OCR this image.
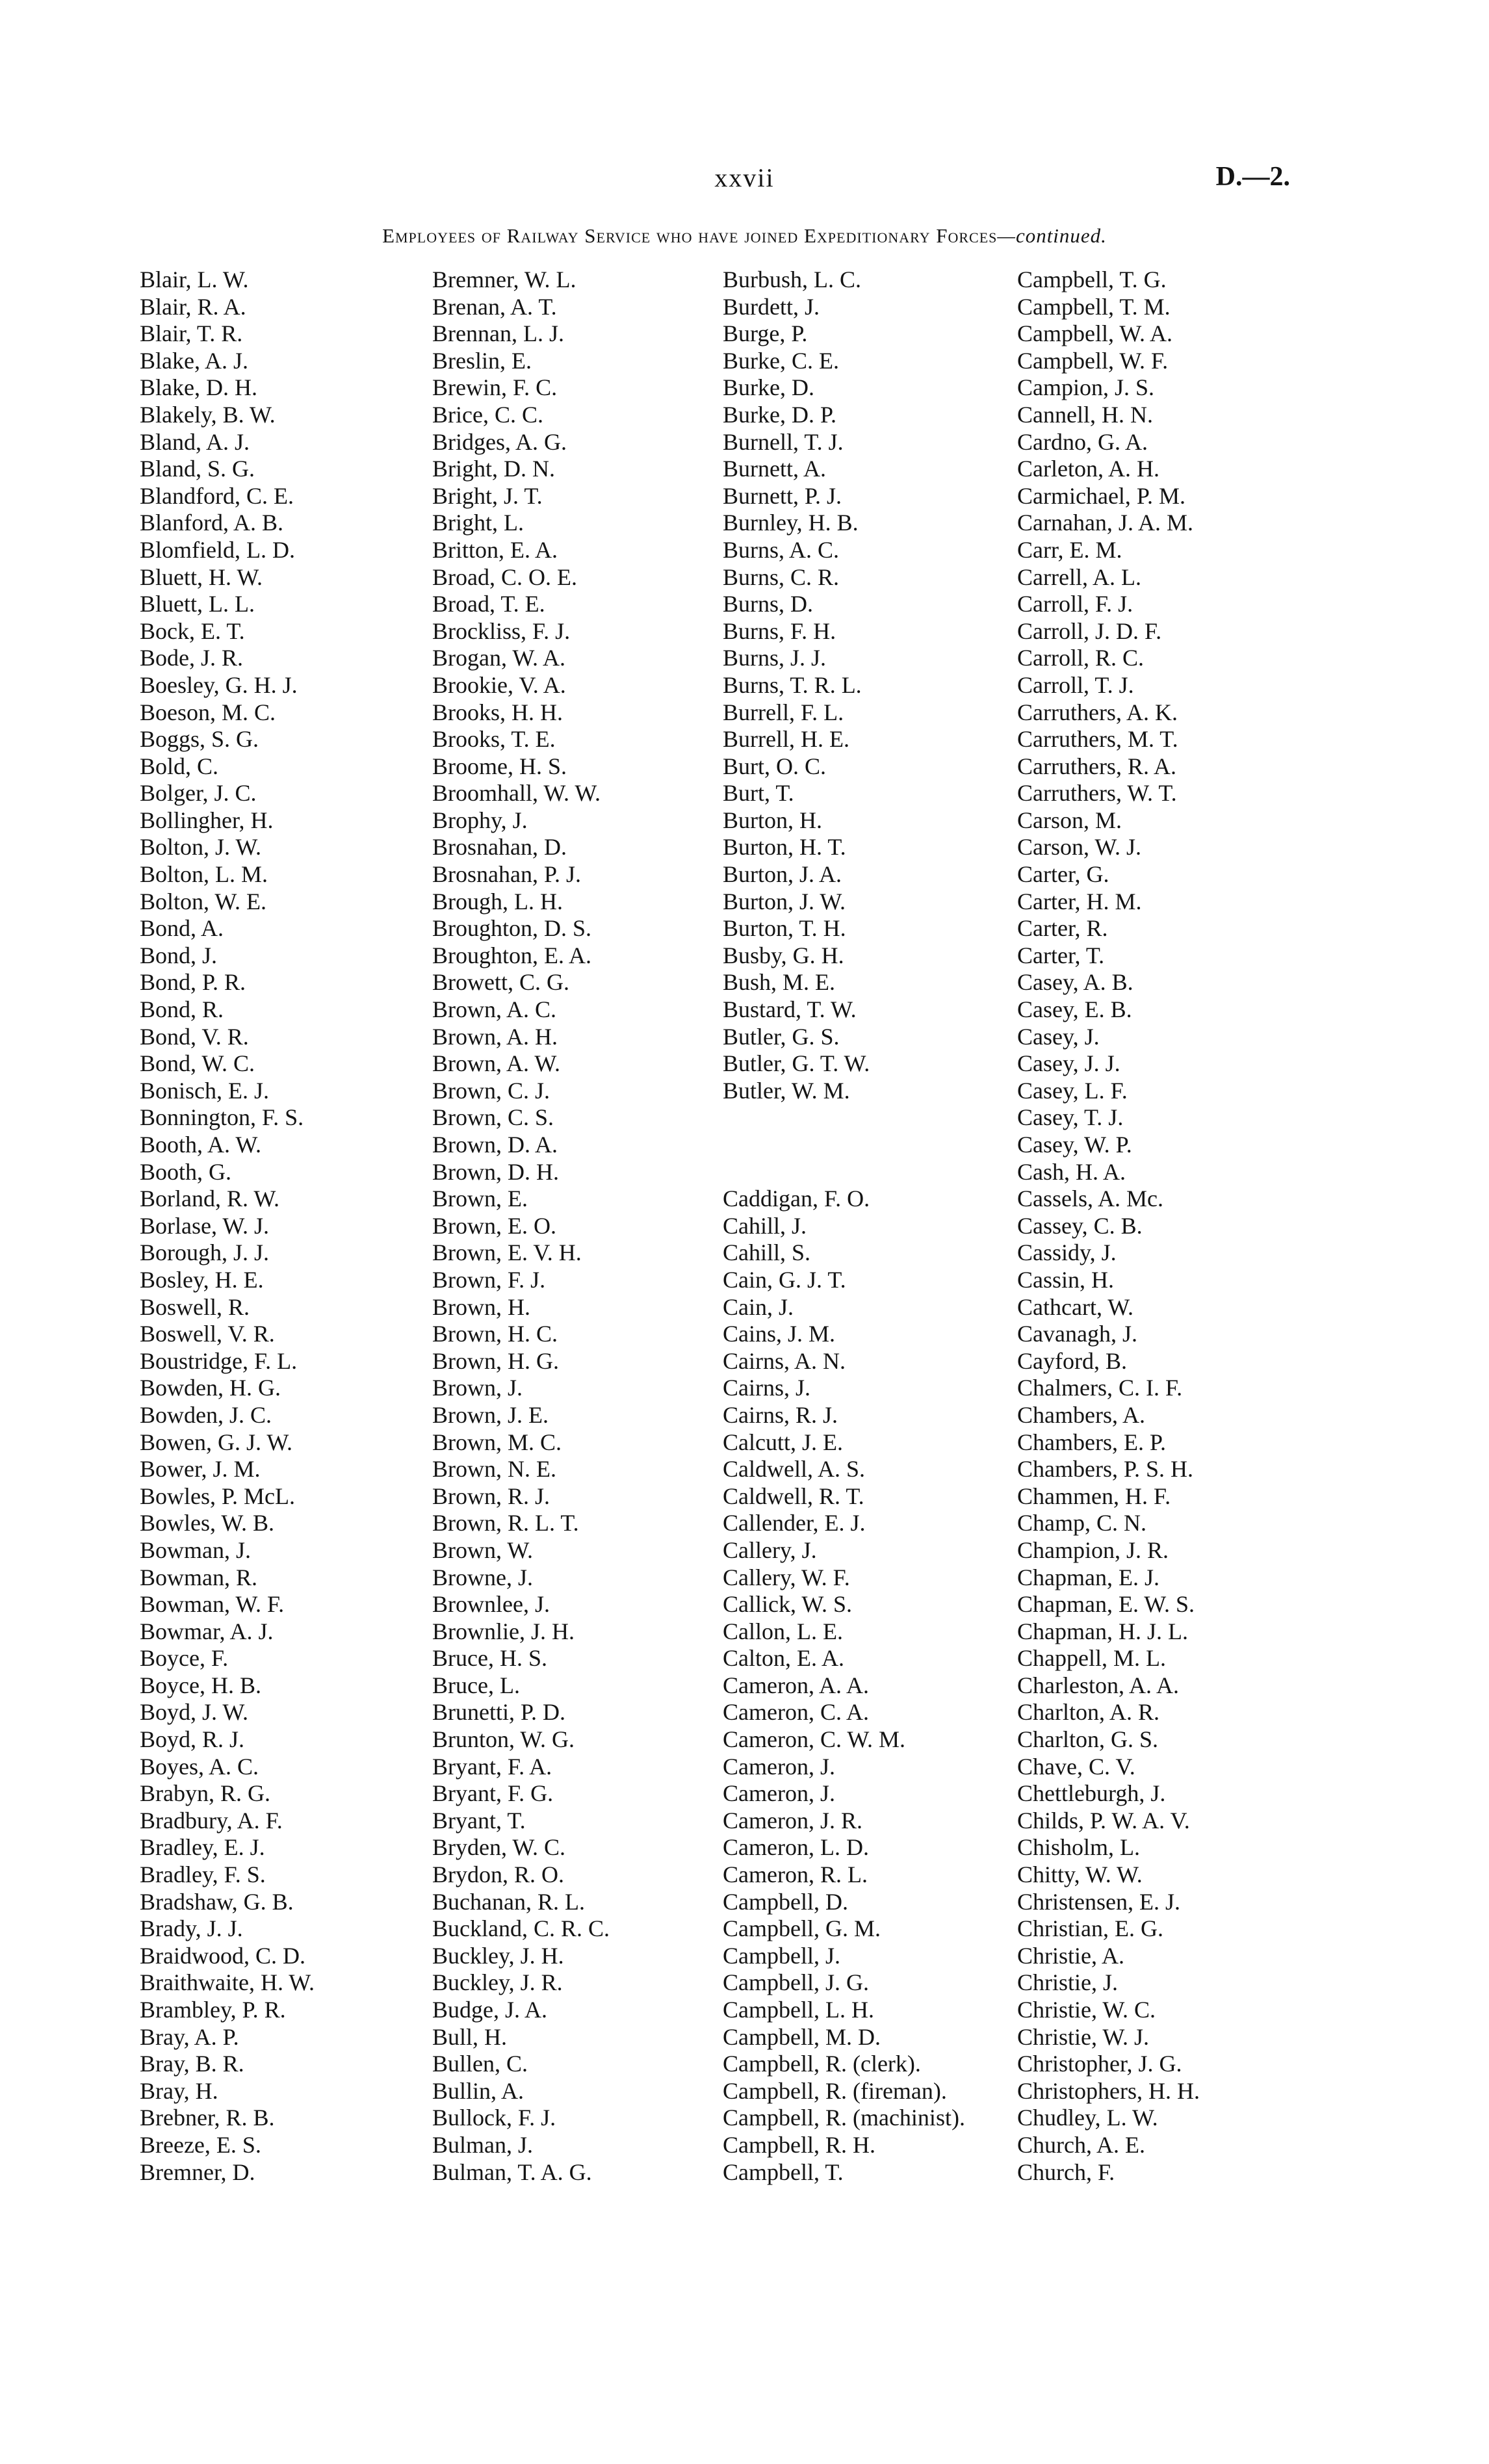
xxvii	D.—2.
Employees of Railway Service who have joined Expeditionary Forces—continued.
Blair, L. W.
Blair, R. A.
Blair, T. R.
Blake, A. J.
Blake, D. H.
Blakely, B. W.
Bland, A. J.
Bland, S. G.
Blandford, C. E.
Blanford, A. B.
Blomfield, L. D.
Bluett, H. W.
Bluett, L. L.
Bock, E. T.
Bode, J. R.
Boesley, G. H. J.
Boeson, M. C.
Boggs, S. G.
Bold, C.
Bolger, J. C.
Bollingher, H.
Bolton, J. W.
Bolton, L. M.
Bolton, W. E.
Bond, A.
Bond, J.
Bond, P. R.
Bond, R.
Bond, V. R.
Bond, W. C.
Bonisch, E. J.
Bonnington, F. S.
Booth, A. W.
Booth, G.
Borland, R. W.
Borlase, W. J.
Borough, J. J.
Bosley, H. E.
Boswell, R.
Boswell, V. R.
Boustridge, F. L.
Bowden, H. G.
Bowden, J. C.
Bowen, G. J. W.
Bower, J. M.
Bowles, P. McL.
Bowles, W. B.
Bowman, J.
Bowman, R.
Bowman, W. F.
Bowmar, A. J.
Boyce, F.
Boyce, H. B.
Boyd, J. W.
Boyd, R. J.
Boyes, A. C.
Brabyn, R. G.
Bradbury, A. F.
Bradley, E. J.
Bradley, F. S.
Bradshaw, G. B.
Brady, J. J.
Braidwood, C. D.
Braithwaite, H. W.
Brambley, P. R.
Bray, A. P.
Bray, B. R.
Bray, H.
Brebner, R. B.
Breeze, E. S.
Bremner, D.
Bremner, W. L.
Brenan, A. T.
Brennan, L. J.
Breslin, E.
Brewin, F. C.
Brice, C. C.
Bridges, A. G.
Bright, D. N.
Bright, J. T.
Bright, L.
Britton, E. A.
Broad, C. O. E.
Broad, T. E.
Brockliss, F. J.
Brogan, W. A.
Brookie, V. A.
Brooks, H. H.
Brooks, T. E.
Broome, H. S.
Broomhall, W. W.
Brophy, J.
Brosnahan, D.
Brosnahan, P. J.
Brough, L. H.
Broughton, D. S.
Broughton, E. A.
Browett, C. G.
Brown, A. C.
Brown, A. H.
Brown, A. W.
Brown, C. J.
Brown, C. S.
Brown, D. A.
Brown, D. H.
Brown, E.
Brown, E. O.
Brown, E. V. H.
Brown, F. J.
Brown, H.
Brown, H. C.
Brown, H. G.
Brown, J.
Brown, J. E.
Brown, M. C.
Brown, N. E.
Brown, R. J.
Brown, R. L. T.
Brown, W.
Browne, J.
Brownlee, J.
Brownlie, J. H.
Bruce, H. S.
Bruce, L.
Brunetti, P. D.
Brunton, W. G.
Bryant, F. A.
Bryant, F. G.
Bryant, T.
Bryden, W. C.
Brydon, R. O.
Buchanan, R. L.
Buckland, C. R. C.
Buckley, J. H.
Buckley, J. R.
Budge, J. A.
Bull, H.
Bullen, C.
Bullin, A.
Bullock, F. J.
Bulman, J.
Bulman, T. A. G.
Burbush, L. C.
Burdett, J.
Burge, P.
Burke, C. E.
Burke, D.
Burke, D. P.
Burnell, T. J.
Burnett, A.
Burnett, P. J.
Burnley, H. B.
Burns, A. C.
Burns, C. R.
Burns, D.
Burns, F. H.
Burns, J. J.
Burns, T. R. L.
Burrell, F. L.
Burrell, H. E.
Burt, O. C.
Burt, T.
Burton, H.
Burton, H. T.
Burton, J. A.
Burton, J. W.
Burton, T. H.
Busby, G. H.
Bush, M. E.
Bustard, T. W.
Butler, G. S.
Butler, G. T. W.
Butler, W. M.
Caddigan, F. O.
Cahill, J.
Cahill, S.
Cain, G. J. T.
Cain, J.
Cains, J. M.
Cairns, A. N.
Cairns, J.
Cairns, R. J.
Calcutt, J. E.
Caldwell, A. S.
Caldwell, R. T.
Callender, E. J.
Callery, J.
Callery, W. F.
Callick, W. S.
Callon, L. E.
Calton, E. A.
Cameron, A. A.
Cameron, C. A.
Cameron, C. W. M.
Cameron, J.
Cameron, J.
Cameron, J. R.
Cameron, L. D.
Cameron, R. L.
Campbell, D.
Campbell, G. M.
Campbell, J.
Campbell, J. G.
Campbell, L. H.
Campbell, M. D.
Campbell, R. (clerk).
Campbell, R. (fireman).
Campbell, R. (machinist).
Campbell, R. H.
Campbell, T.
Campbell, T. G.
Campbell, T. M.
Campbell, W. A.
Campbell, W. F.
Campion, J. S.
Cannell, H. N.
Cardno, G. A.
Carleton, A. H.
Carmichael, P. M.
Carnahan, J. A. M.
Carr, E. M.
Carrell, A. L.
Carroll, F. J.
Carroll, J. D. F.
Carroll, R. C.
Carroll, T. J.
Carruthers, A. K.
Carruthers, M. T.
Carruthers, R. A.
Carruthers, W. T.
Carson, M.
Carson, W. J.
Carter, G.
Carter, H. M.
Carter, R.
Carter, T.
Casey, A. B.
Casey, E. B.
Casey, J.
Casey, J. J.
Casey, L. F.
Casey, T. J.
Casey, W. P.
Cash, H. A.
Cassels, A. Mc.
Cassey, C. B.
Cassidy, J.
Cassin, H.
Cathcart, W.
Cavanagh, J.
Cayford, B.
Chalmers, C. I. F.
Chambers, A.
Chambers, E. P.
Chambers, P. S. H.
Chammen, H. F.
Champ, C. N.
Champion, J. R.
Chapman, E. J.
Chapman, E. W. S.
Chapman, H. J. L.
Chappell, M. L.
Charleston, A. A.
Charlton, A. R.
Charlton, G. S.
Chave, C. V.
Chettleburgh, J.
Childs, P. W. A. V.
Chisholm, L.
Chitty, W. W.
Christensen, E. J.
Christian, E. G.
Christie, A.
Christie, J.
Christie, W. C.
Christie, W. J.
Christopher, J. G.
Christophers, H. H.
Chudley, L. W.
Church, A. E.
Church, F.
